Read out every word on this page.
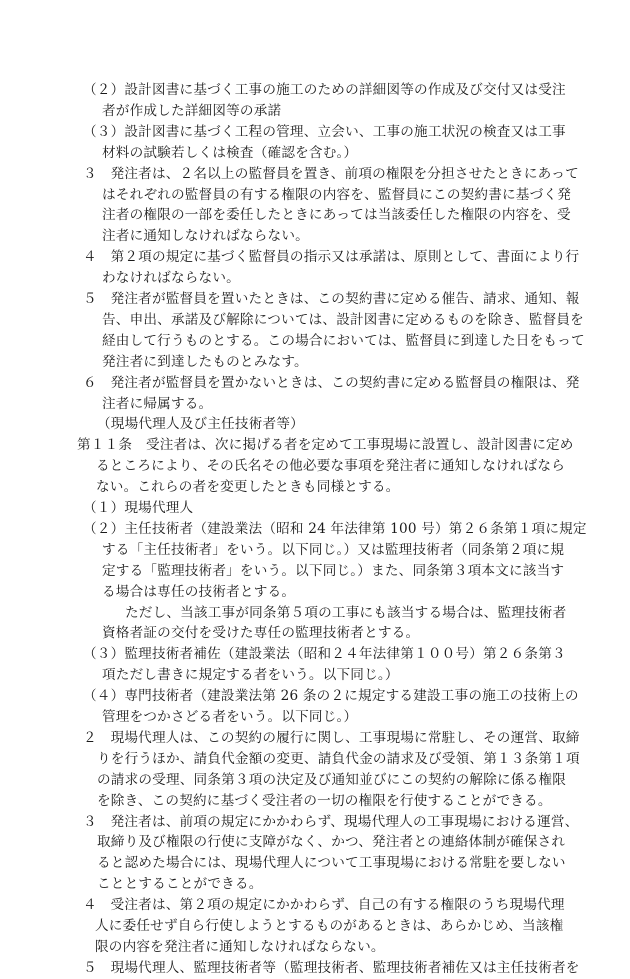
（２）設計図書に基づく工事の施工のための詳細図等の作成及び交付又は受注
者が作成した詳細図等の承諾
（３）設計図書に基づく工程の管理、立会い、工事の施工状況の検査又は工事
材料の試験若しくは検査（確認を含む。）
３　発注者は、２名以上の監督員を置き、前項の権限を分担させたときにあって
はそれぞれの監督員の有する権限の内容を、監督員にこの契約書に基づく発
注者の権限の一部を委任したときにあっては当該委任した権限の内容を、受
注者に通知しなければならない。
４　第２項の規定に基づく監督員の指示又は承諾は、原則として、書面により行
わなければならない。
５　発注者が監督員を置いたときは、この契約書に定める催告、請求、通知、報
告、申出、承諾及び解除については、設計図書に定めるものを除き、監督員を
経由して行うものとする。この場合においては、監督員に到達した日をもって
発注者に到達したものとみなす。
６　発注者が監督員を置かないときは、この契約書に定める監督員の権限は、発
注者に帰属する。
（現場代理人及び主任技術者等）
第１１条　受注者は、次に掲げる者を定めて工事現場に設置し、設計図書に定め
るところにより、その氏名その他必要な事項を発注者に通知しなければなら
ない。これらの者を変更したときも同様とする。
（１）現場代理人
（２）主任技術者（建設業法（昭和 24 年法律第 100 号）第２６条第１項に規定
する「主任技術者」をいう。以下同じ。）又は監理技術者（同条第２項に規
定する「監理技術者」をいう。以下同じ。）また、同条第３項本文に該当す
る場合は専任の技術者とする。
ただし、当該工事が同条第５項の工事にも該当する場合は、監理技術者
資格者証の交付を受けた専任の監理技術者とする。
（３）監理技術者補佐（建設業法（昭和２４年法律第１００号）第２６条第３
項ただし書きに規定する者をいう。以下同じ。）
（４）専門技術者（建設業法第 26 条の２に規定する建設工事の施工の技術上の
管理をつかさどる者をいう。以下同じ。）
２　現場代理人は、この契約の履行に関し、工事現場に常駐し、その運営、取締
りを行うほか、請負代金額の変更、請負代金の請求及び受領、第１３条第１項
の請求の受理、同条第３項の決定及び通知並びにこの契約の解除に係る権限
を除き、この契約に基づく受注者の一切の権限を行使することができる。
３　発注者は、前項の規定にかかわらず、現場代理人の工事現場における運営、
取締り及び権限の行使に支障がなく、かつ、発注者との連絡体制が確保され
ると認めた場合には、現場代理人について工事現場における常駐を要しない
こととすることができる。
４　受注者は、第２項の規定にかかわらず、自己の有する権限のうち現場代理
人に委任せず自ら行使しようとするものがあるときは、あらかじめ、当該権
限の内容を発注者に通知しなければならない。
５　現場代理人、監理技術者等（監理技術者、監理技術者補佐又は主任技術者を
